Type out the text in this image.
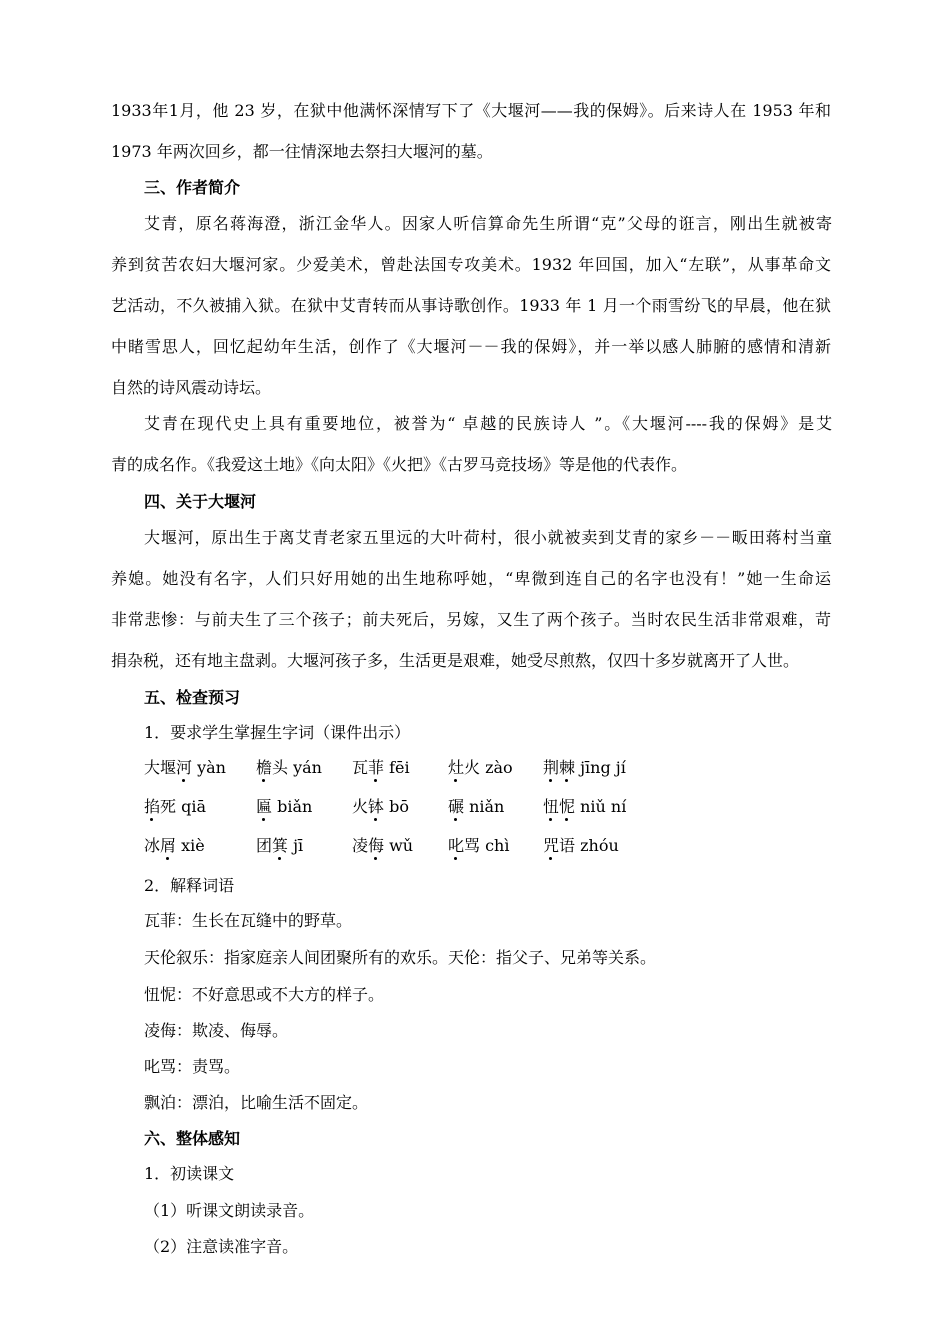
1933年1月，他 23 岁，在狱中他满怀深情写下了《大堰河——我的保姆》。后来诗人在 1953 年和
1973 年两次回乡，都一往情深地去祭扫大堰河的墓。
三、作者简介
艾青，原名蒋海澄，浙江金华人。因家人听信算命先生所谓“克”父母的诳言，刚出生就被寄
养到贫苦农妇大堰河家。少爱美术，曾赴法国专攻美术。1932 年回国，加入“左联”，从事革命文
艺活动，不久被捕入狱。在狱中艾青转而从事诗歌创作。1933 年 1 月一个雨雪纷飞的早晨，他在狱
中睹雪思人，回忆起幼年生活，创作了《大堰河－－我的保姆》，并一举以感人肺腑的感情和清新
自然的诗风震动诗坛。
艾青在现代史上具有重要地位，被誉为“ 卓越的民族诗人 ”。《大堰河----我的保姆》是艾
青的成名作。《我爱这土地》《向太阳》《火把》《古罗马竞技场》等是他的代表作。
四、关于大堰河
大堰河，原出生于离艾青老家五里远的大叶荷村，很小就被卖到艾青的家乡－－畈田蒋村当童
养媳。她没有名字，人们只好用她的出生地称呼她，“卑微到连自己的名字也没有！”她一生命运
非常悲惨：与前夫生了三个孩子；前夫死后，另嫁，又生了两个孩子。当时农民生活非常艰难，苛
捐杂税，还有地主盘剥。大堰河孩子多，生活更是艰难，她受尽煎熬，仅四十多岁就离开了人世。
五、检查预习
1．要求学生掌握生字词（课件出示）
大堰河 yàn 檐头 yán 瓦菲 fēi 灶火 zào 荆棘 jīng jí
掐死 qiā	匾 biǎn 火钵 bō 碾 niǎn 忸怩 niǔ ní
冰屑 xiè	团箕 jī	凌侮 wǔ 叱骂 chì 咒语 zhóu
2．解释词语
瓦菲：生长在瓦缝中的野草。
天伦叙乐：指家庭亲人间团聚所有的欢乐。天伦：指父子、兄弟等关系。
忸怩：不好意思或不大方的样子。
凌侮：欺凌、侮辱。
叱骂：责骂。
飘泊：漂泊，比喻生活不固定。
六、整体感知
1．初读课文
（1）听课文朗读录音。
（2）注意读准字音。
